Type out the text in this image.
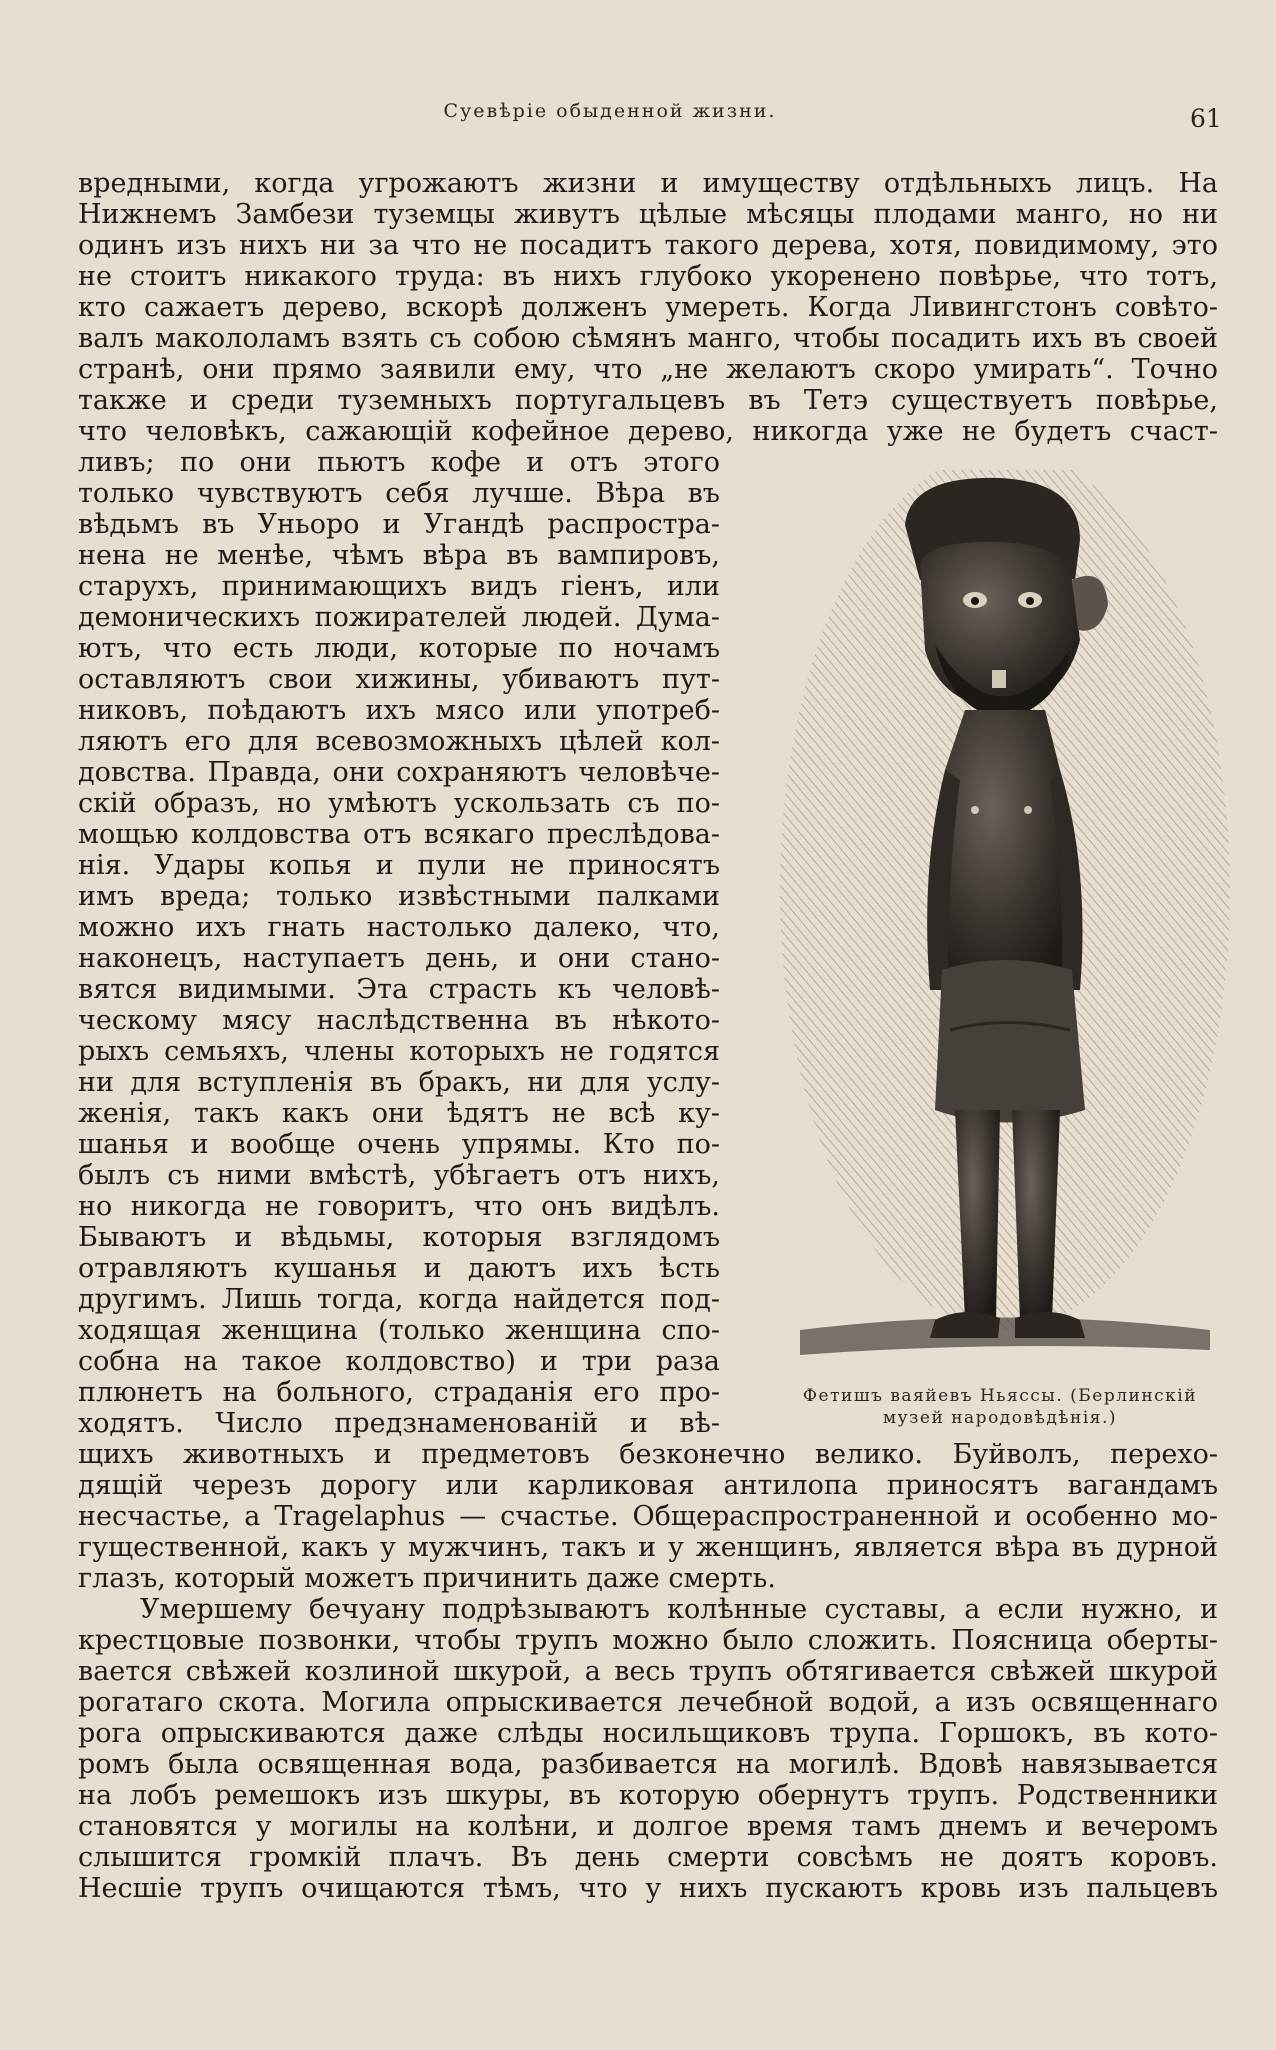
Суевѣріе обыденной жизни.	61

вредными, когда угрожаютъ жизни и имуществу отдѣльныхъ лицъ. На

Нижнемъ Замбези туземцы живутъ цѣлые мѣсяцы плодами манго, но ни

одинъ изъ нихъ ни за что не посадитъ такого дерева, хотя, повидимому, это

не стоитъ никакого труда: въ нихъ глубоко укоренено повѣрье, что тотъ,

кто сажаетъ дерево, вскорѣ долженъ умереть. Когда Ливингстонъ совѣто-

валъ макололамъ взять съ собою сѣмянъ манго, чтобы посадить ихъ въ своей

странѣ, они прямо заявили ему, что „не желаютъ скоро умирать“. Точно

также и среди туземныхъ португальцевъ въ Тетэ существуетъ повѣрье,

что человѣкъ, сажающій кофейное дерево, никогда уже не будетъ счаст-

ливъ; по они пьютъ кофе и отъ этого

только чувствуютъ себя лучше. Вѣра въ

вѣдьмъ въ Уньоро и Угандѣ распростра-

нена не менѣе, чѣмъ вѣра въ вампировъ,

старухъ, принимающихъ видъ гіенъ, или

демоническихъ пожирателей людей. Дума-

ютъ, что есть люди, которые по ночамъ

оставляютъ свои хижины, убиваютъ пут-

никовъ, поѣдаютъ ихъ мясо или употреб-

ляютъ его для всевозможныхъ цѣлей кол-

довства. Правда, они сохраняютъ человѣче-

скій образъ, но умѣютъ ускользать съ по-

мощью колдовства отъ всякаго преслѣдова-

нія. Удары копья и пули не приносятъ

имъ вреда; только извѣстными палками

можно ихъ гнать настолько далеко, что,

наконецъ, наступаетъ день, и они стано-

вятся видимыми. Эта страсть къ человѣ-

ческому мясу наслѣдственна въ нѣкото-

рыхъ семьяхъ, члены которыхъ не годятся

ни для вступленія въ бракъ, ни для услу-

женія, такъ какъ они ѣдятъ не всѣ ку-

шанья и вообще очень упрямы. Кто по-

былъ съ ними вмѣстѣ, убѣгаетъ отъ нихъ,

но никогда не говоритъ, что онъ видѣлъ.

Бываютъ и вѣдьмы, которыя взглядомъ

отравляютъ кушанья и даютъ ихъ ѣсть

другимъ. Лишь тогда, когда найдется под-

ходящая женщина (только женщина спо-

собна на такое колдовство) и три раза

плюнетъ на больного, страданія его про-

ходятъ. Число предзнаменованій и вѣ-

щихъ животныхъ и предметовъ безконечно велико. Буйволъ, перехо-

дящій черезъ дорогу или карликовая антилопа приносятъ вагандамъ

несчастье, а Tragelaphus — счастье. Общераспространенной и особенно мо-

гущественной, какъ у мужчинъ, такъ и у женщинъ, является вѣра въ дурной

глазъ, который можетъ причинить даже смерть.

Умершему бечуану подрѣзываютъ колѣнные суставы, а если нужно, и

крестцовые позвонки, чтобы трупъ можно было сложить. Поясница оберты-

вается свѣжей козлиной шкурой, а весь трупъ обтягивается свѣжей шкурой

рогатаго скота. Могила опрыскивается лечебной водой, а изъ освященнаго

рога опрыскиваются даже слѣды носильщиковъ трупа. Горшокъ, въ кото-

ромъ была освященная вода, разбивается на могилѣ. Вдовѣ навязывается

на лобъ ремешокъ изъ шкуры, въ которую обернутъ трупъ. Родственники

становятся у могилы на колѣни, и долгое время тамъ днемъ и вечеромъ

слышится громкій плачъ. Въ день смерти совсѣмъ не доятъ коровъ.

Несшіе трупъ очищаются тѣмъ, что у нихъ пускаютъ кровь изъ пальцевъ

Фетишъ ваяйевъ Ньяссы. (Берлинскій
музей народовѣдѣнія.)
